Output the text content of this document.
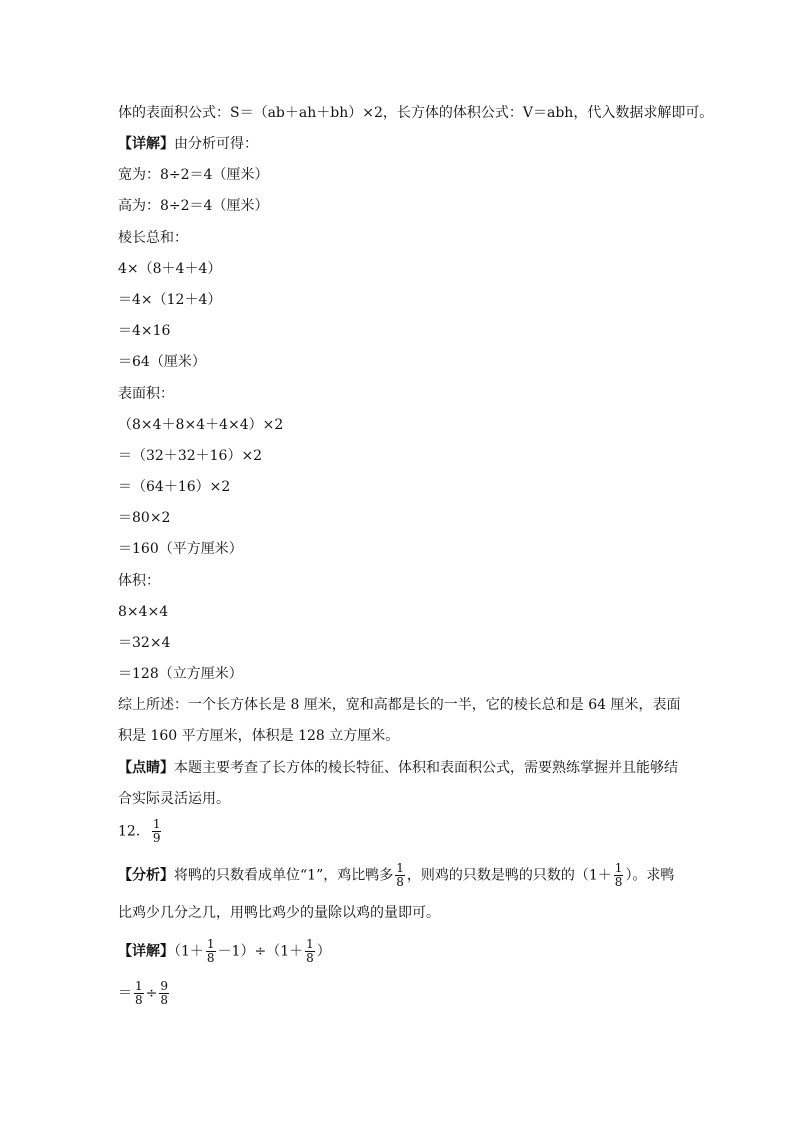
体的表面积公式：S＝（ab＋ah＋bh）×2，长方体的体积公式：V＝abh，代入数据求解即可。
【详解】由分析可得：
宽为：8÷2＝4（厘米）
高为：8÷2＝4（厘米）
棱长总和：
4×（8＋4＋4）
＝4×（12＋4）
＝4×16
＝64（厘米）
表面积：
（8×4＋8×4＋4×4）×2
＝（32＋32＋16）×2
＝（64＋16）×2
＝80×2
＝160（平方厘米）
体积：
8×4×4
＝32×4
＝128（立方厘米）
综上所述：一个长方体长是 8 厘米，宽和高都是长的一半，它的棱长总和是 64 厘米，表面
积是 160 平方厘米，体积是 128 立方厘米。
【点睛】本题主要考查了长方体的棱长特征、体积和表面积公式，需要熟练掌握并且能够结
合实际灵活运用。
12． $\frac{1}{9}$
【分析】将鸭的只数看成单位“1”，鸡比鸭多 $\frac{1}{8}$ ，则鸡的只数是鸭的只数的（$1+ \frac{1}{8}$ ）。求鸭
比鸡少几分之几，用鸭比鸡少的量除以鸡的量即可。
【详解】$(1+ \frac{1}{8} -1)\div(1+ \frac{1}{8}$ ）
＝ $\frac{1}{8} \div \frac{9}{8}$
